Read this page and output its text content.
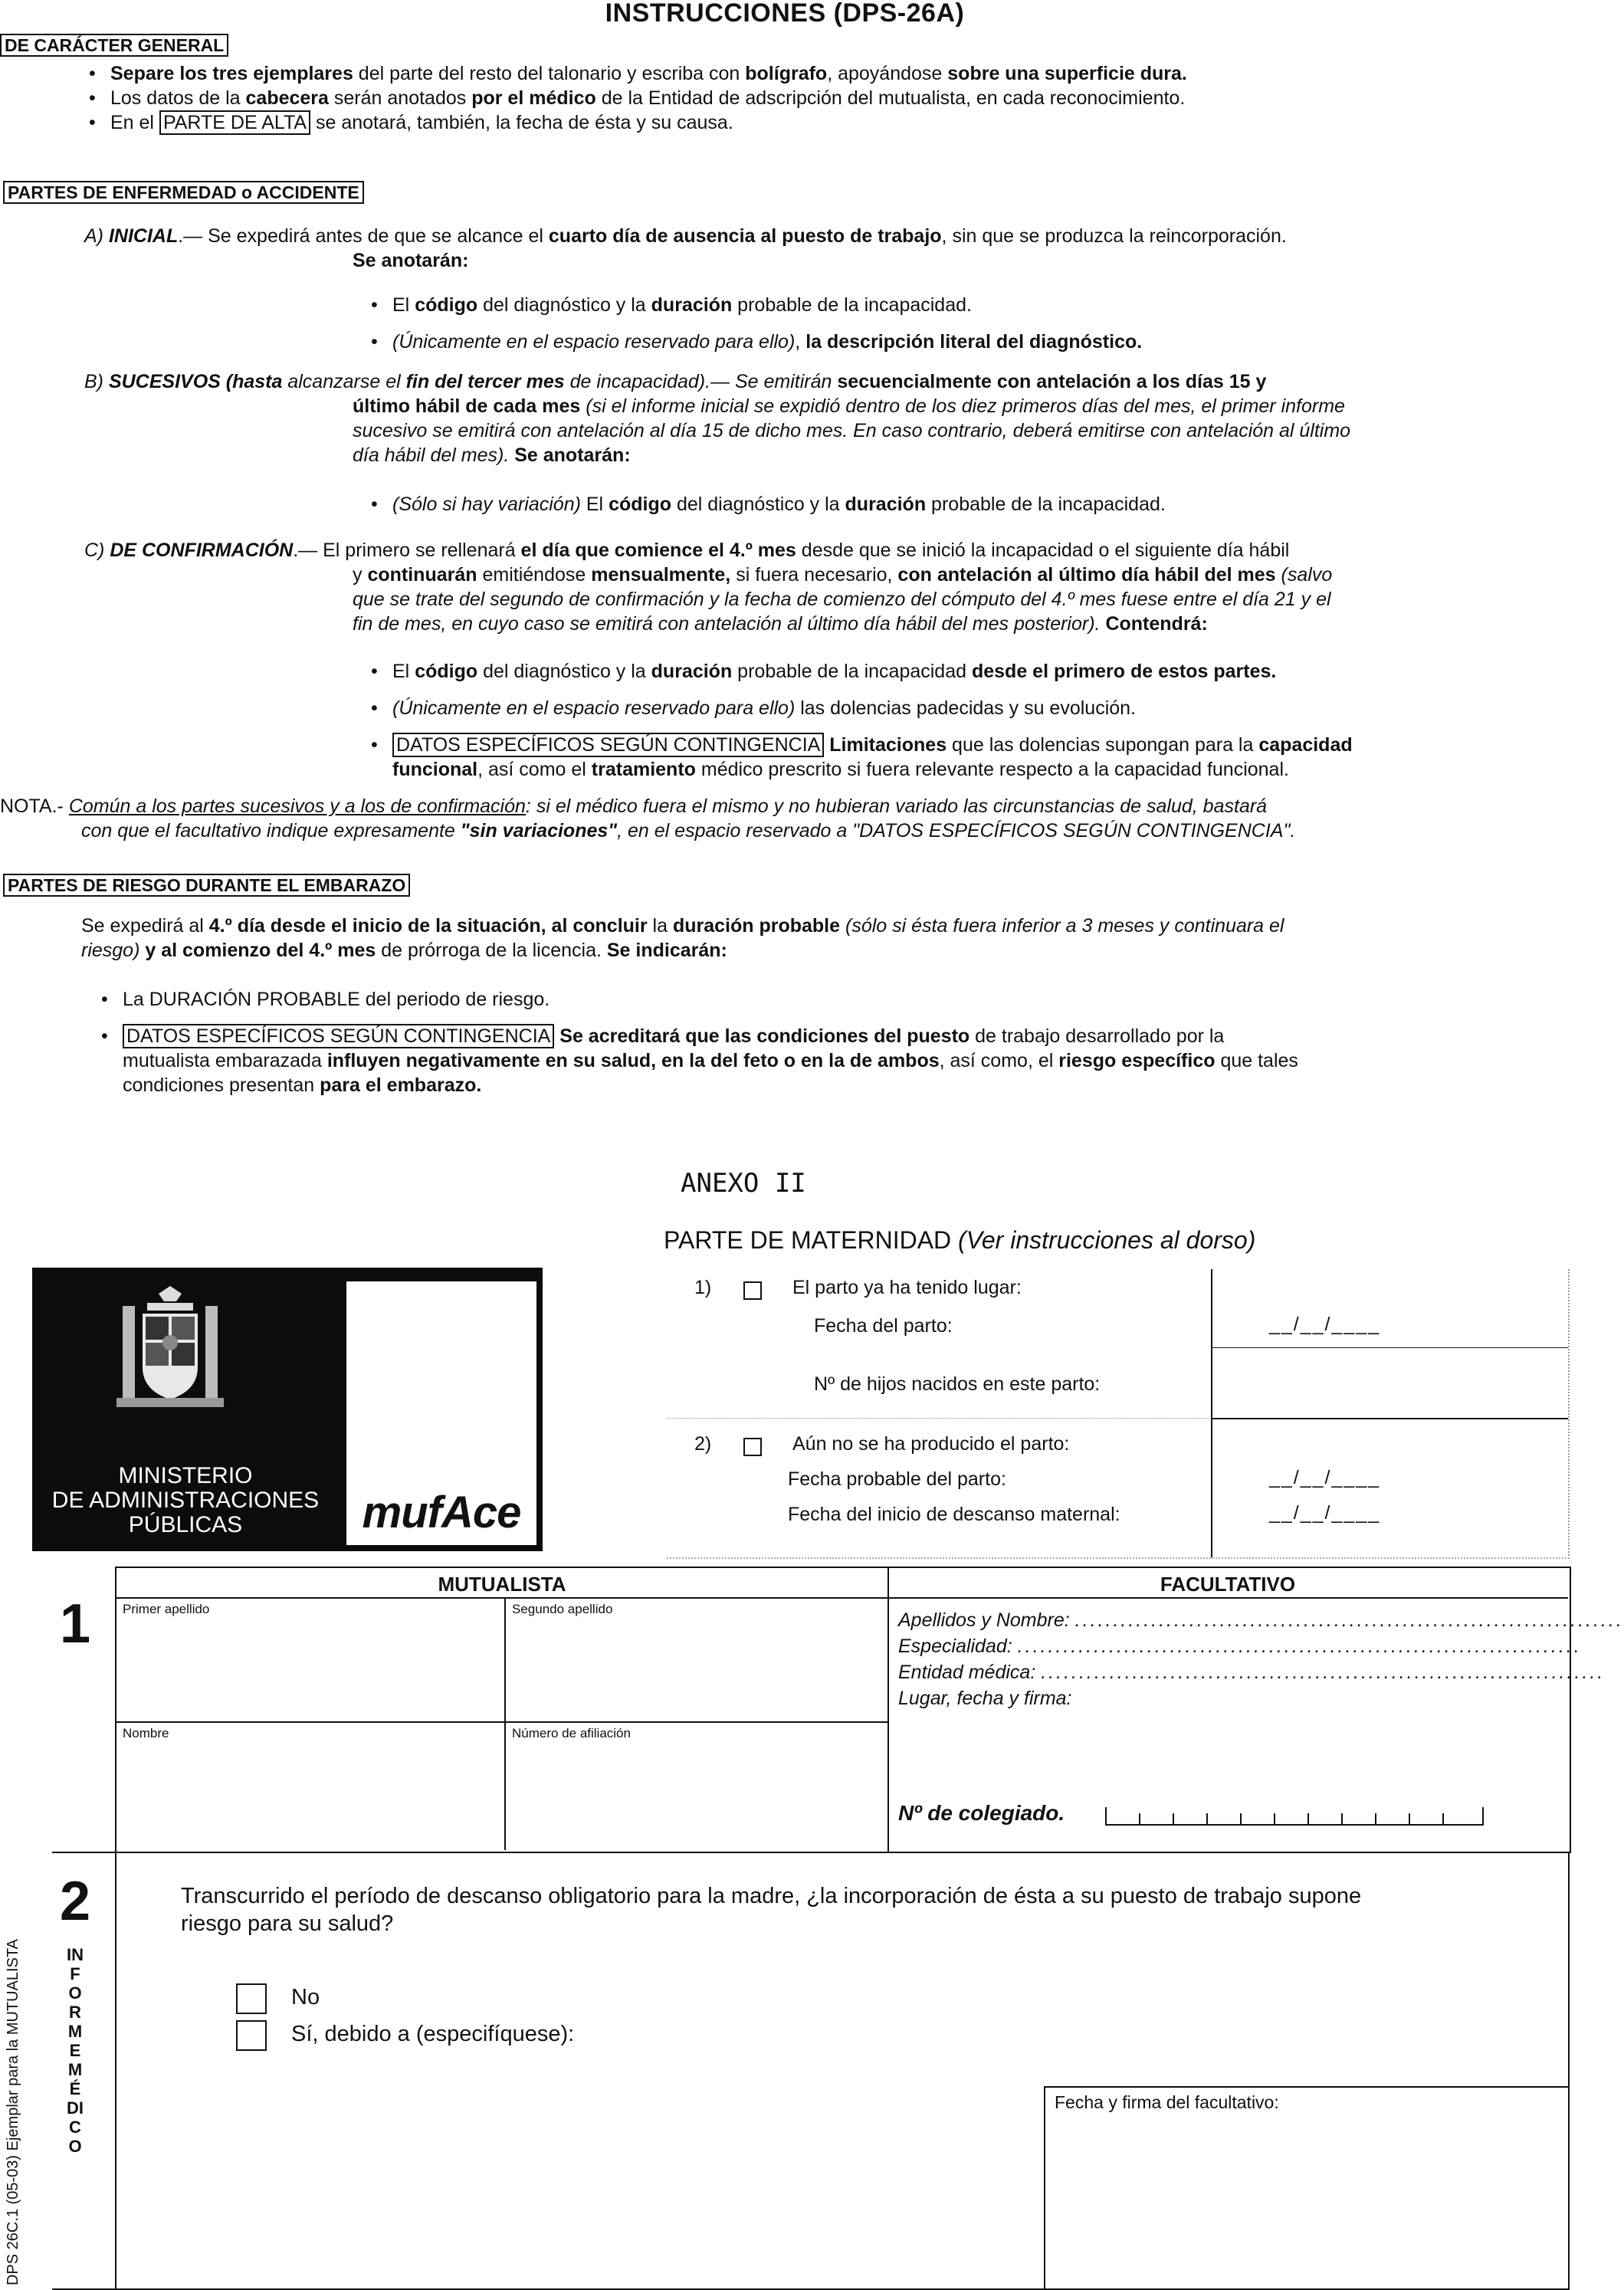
INSTRUCCIONES (DPS-26A)
DE CARÁCTER GENERAL
• Separe los tres ejemplares del parte del resto del talonario y escriba con bolígrafo, apoyándose sobre una superficie dura.
• Los datos de la cabecera serán anotados por el médico de la Entidad de adscripción del mutualista, en cada reconocimiento.
• En el PARTE DE ALTA se anotará, también, la fecha de ésta y su causa.
PARTES DE ENFERMEDAD o ACCIDENTE
A) INICIAL.— Se expedirá antes de que se alcance el cuarto día de ausencia al puesto de trabajo, sin que se produzca la reincorporación.
Se anotarán:
• El código del diagnóstico y la duración probable de la incapacidad.
• (Únicamente en el espacio reservado para ello), la descripción literal del diagnóstico.
B) SUCESIVOS (hasta alcanzarse el fin del tercer mes de incapacidad).— Se emitirán secuencialmente con antelación a los días 15 y
último hábil de cada mes (si el informe inicial se expidió dentro de los diez primeros días del mes, el primer informe
sucesivo se emitirá con antelación al día 15 de dicho mes. En caso contrario, deberá emitirse con antelación al último
día hábil del mes). Se anotarán:
• (Sólo si hay variación) El código del diagnóstico y la duración probable de la incapacidad.
C) DE CONFIRMACIÓN.— El primero se rellenará el día que comience el 4.º mes desde que se inició la incapacidad o el siguiente día hábil
y continuarán emitiéndose mensualmente, si fuera necesario, con antelación al último día hábil del mes (salvo
que se trate del segundo de confirmación y la fecha de comienzo del cómputo del 4.º mes fuese entre el día 21 y el
fin de mes, en cuyo caso se emitirá con antelación al último día hábil del mes posterior). Contendrá:
• El código del diagnóstico y la duración probable de la incapacidad desde el primero de estos partes.
• (Únicamente en el espacio reservado para ello) las dolencias padecidas y su evolución.
• DATOS ESPECÍFICOS SEGÚN CONTINGENCIA Limitaciones que las dolencias supongan para la capacidad
funcional, así como el tratamiento médico prescrito si fuera relevante respecto a la capacidad funcional.
NOTA.- Común a los partes sucesivos y a los de confirmación: si el médico fuera el mismo y no hubieran variado las circunstancias de salud, bastará
con que el facultativo indique expresamente "sin variaciones", en el espacio reservado a "DATOS ESPECÍFICOS SEGÚN CONTINGENCIA".
PARTES DE RIESGO DURANTE EL EMBARAZO
Se expedirá al 4.º día desde el inicio de la situación, al concluir la duración probable (sólo si ésta fuera inferior a 3 meses y continuara el
riesgo) y al comienzo del 4.º mes de prórroga de la licencia. Se indicarán:
• La DURACIÓN PROBABLE del periodo de riesgo.
• DATOS ESPECÍFICOS SEGÚN CONTINGENCIA Se acreditará que las condiciones del puesto de trabajo desarrollado por la
mutualista embarazada influyen negativamente en su salud, en la del feto o en la de ambos, así como, el riesgo específico que tales
condiciones presentan para el embarazo.
ANEXO II
PARTE DE MATERNIDAD (Ver instrucciones al dorso)
MINISTERIO
DE ADMINISTRACIONES
PÚBLICAS	mufAce
1)	El parto ya ha tenido lugar:
Fecha del parto:	__/__/____
Nº de hijos nacidos en este parto:
2)	Aún no se ha producido el parto:
Fecha probable del parto:	__/__/____
Fecha del inicio de descanso maternal:	__/__/____
1
MUTUALISTA	FACULTATIVO
Primer apellido	Segundo apellido
Nombre	Número de afiliación
Apellidos y Nombre: ........................................................................
Especialidad: ..........................................................................
Entidad médica: ..........................................................................
Lugar, fecha y firma:
Nº de colegiado.
2
INFORME MÉDICO
Transcurrido el período de descanso obligatorio para la madre, ¿la incorporación de ésta a su puesto de trabajo supone
riesgo para su salud?
No
Sí, debido a (especifíquese):
Fecha y firma del facultativo:
DPS 26C.1 (05-03) Ejemplar para la MUTUALISTA
